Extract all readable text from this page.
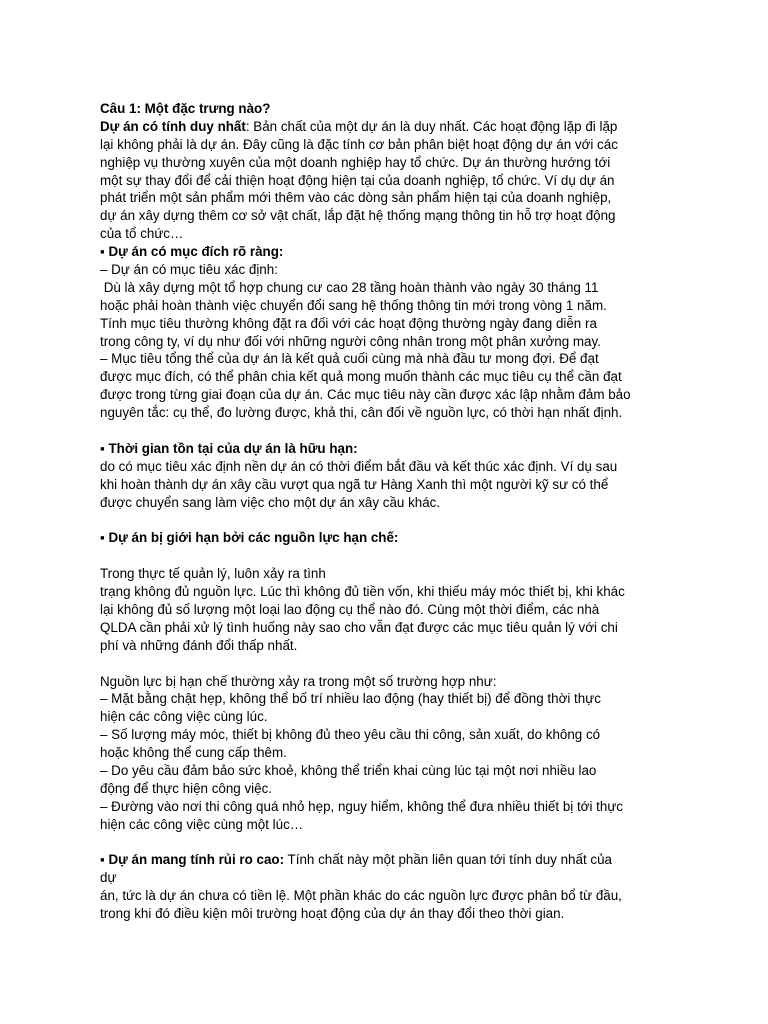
Câu 1: Một đặc trưng nào?
Dự án có tính duy nhất: Bản chất của một dự án là duy nhất. Các hoạt động lặp đi lặp
lại không phải là dự án. Đây cũng là đặc tính cơ bản phân biệt hoạt động dự án với các
nghiệp vụ thường xuyên của một doanh nghiệp hay tổ chức. Dự án thường hướng tới
một sự thay đổi để cải thiện hoạt động hiện tại của doanh nghiệp, tổ chức. Ví dụ dự án
phát triển một sản phẩm mới thêm vào các dòng sản phẩm hiện tại của doanh nghiệp,
dự án xây dựng thêm cơ sở vật chất, lắp đặt hệ thống mạng thông tin hỗ trợ hoạt động
của tổ chức…
▪ Dự án có mục đích rõ ràng:
– Dự án có mục tiêu xác định:
Dù là xây dựng một tổ hợp chung cư cao 28 tầng hoàn thành vào ngày 30 tháng 11
hoặc phải hoàn thành việc chuyển đổi sang hệ thống thông tin mới trong vòng 1 năm.
Tính mục tiêu thường không đặt ra đối với các hoạt động thường ngày đang diễn ra
trong công ty, ví dụ như đối với những người công nhân trong một phân xưởng may.
– Mục tiêu tổng thể của dự án là kết quả cuối cùng mà nhà đầu tư mong đợi. Để đạt
được mục đích, có thể phân chia kết quả mong muốn thành các mục tiêu cụ thể cần đạt
được trong từng giai đoạn của dự án. Các mục tiêu này cần được xác lập nhằm đảm bảo
nguyên tắc: cụ thể, đo lường được, khả thi, cân đối về nguồn lực, có thời hạn nhất định.
▪ Thời gian tồn tại của dự án là hữu hạn:
do có mục tiêu xác định nền dự án có thời điểm bắt đầu và kết thúc xác định. Ví dụ sau
khi hoàn thành dự án xây cầu vượt qua ngã tư Hàng Xanh thì một người kỹ sư có thể
được chuyển sang làm việc cho một dự án xây cầu khác.
▪ Dự án bị giới hạn bởi các nguồn lực hạn chế:
Trong thực tế quản lý, luôn xảy ra tình
trạng không đủ nguồn lực. Lúc thì không đủ tiền vốn, khi thiếu máy móc thiết bị, khi khác
lại không đủ số lượng một loại lao động cụ thể nào đó. Cùng một thời điểm, các nhà
QLDA cần phải xử lý tình huống này sao cho vẫn đạt được các mục tiêu quản lý với chi
phí và những đánh đổi thấp nhất.
Nguồn lực bị hạn chế thường xảy ra trong một số trường hợp như:
– Mặt bằng chật hẹp, không thể bố trí nhiều lao động (hay thiết bị) để đồng thời thực
hiện các công việc cùng lúc.
– Số lượng máy móc, thiết bị không đủ theo yêu cầu thi công, sản xuất, do không có
hoặc không thể cung cấp thêm.
– Do yêu cầu đảm bảo sức khoẻ, không thể triển khai cùng lúc tại một nơi nhiều lao
động để thực hiện công việc.
– Đường vào nơi thi công quá nhỏ hẹp, nguy hiểm, không thể đưa nhiều thiết bị tới thực
hiện các công việc cùng một lúc…
▪ Dự án mang tính rủi ro cao: Tính chất này một phần liên quan tới tính duy nhất của
dự
án, tức là dự án chưa có tiền lệ. Một phần khác do các nguồn lực được phân bổ từ đầu,
trong khi đó điều kiện môi trường hoạt động của dự án thay đổi theo thời gian.
